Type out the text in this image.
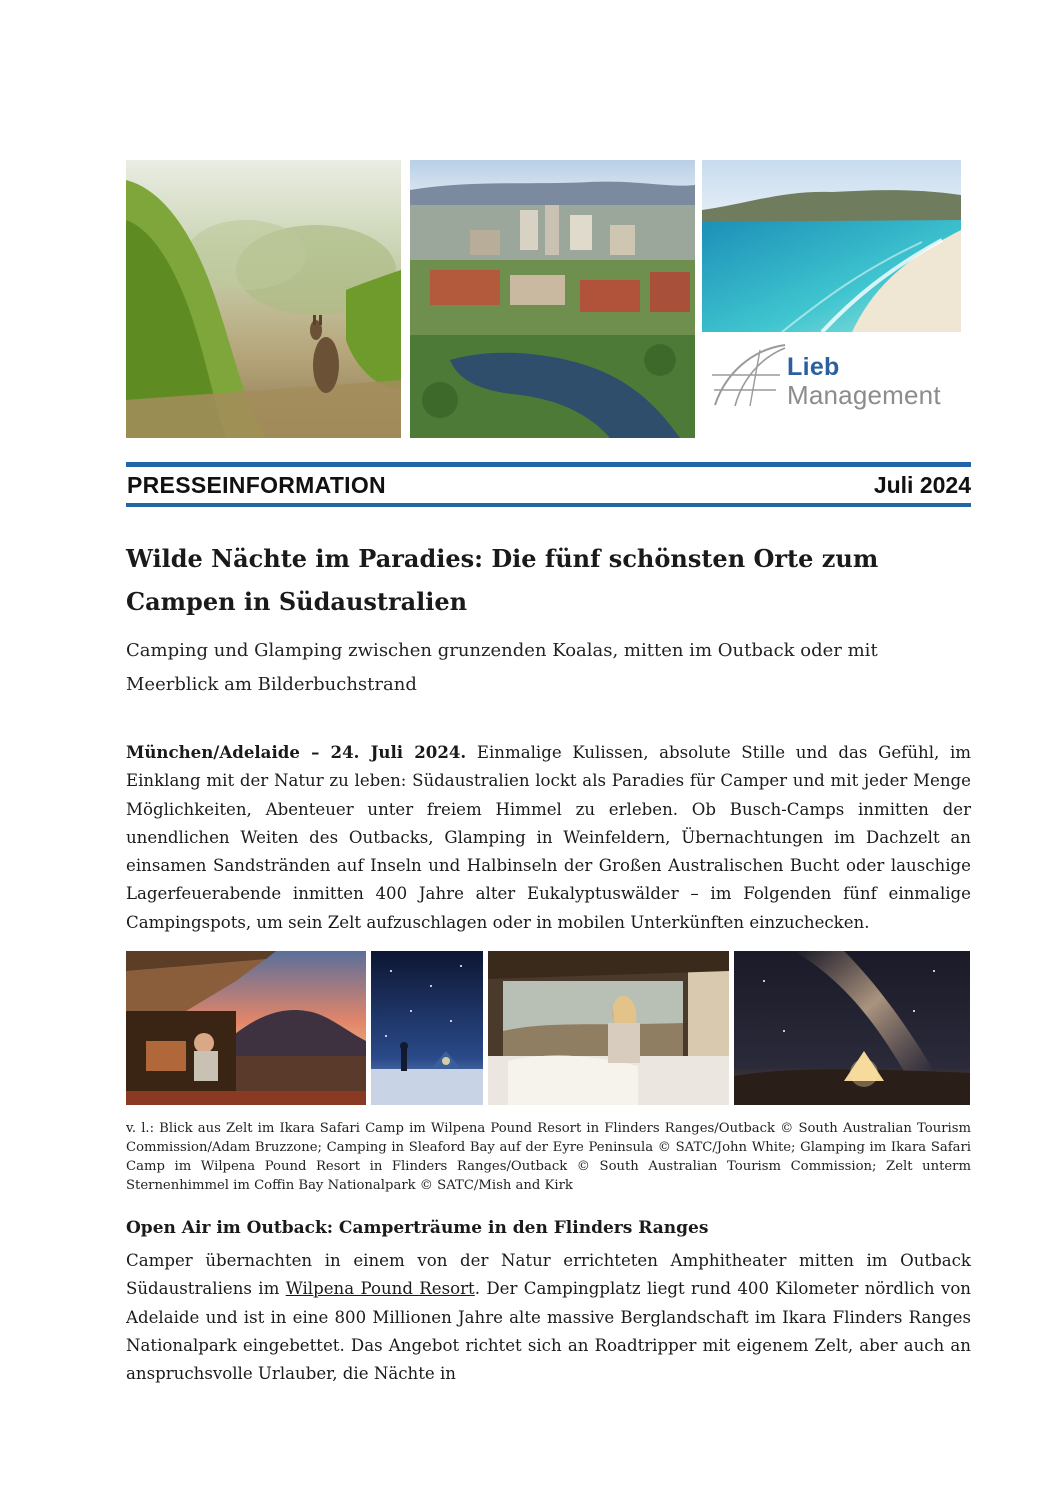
Lieb
Management
PRESSEINFORMATION	Juli 2024
Wilde Nächte im Paradies: Die fünf schönsten Orte zum Campen in Südaustralien

Camping und Glamping zwischen grunzenden Koalas, mitten im Outback oder mit Meerblick am Bilderbuchstrand

München/Adelaide – 24. Juli 2024. Einmalige Kulissen, absolute Stille und das Gefühl, im Einklang mit der Natur zu leben: Südaustralien lockt als Paradies für Camper und mit jeder Menge Möglichkeiten, Abenteuer unter freiem Himmel zu erleben. Ob Busch-Camps inmitten der unendlichen Weiten des Outbacks, Glamping in Weinfeldern, Übernachtungen im Dachzelt an einsamen Sandstränden auf Inseln und Halbinseln der Großen Australischen Bucht oder lauschige Lagerfeuerabende inmitten 400 Jahre alter Eukalyptuswälder – im Folgenden fünf einmalige Campingspots, um sein Zelt aufzuschlagen oder in mobilen Unterkünften einzuchecken.

v. l.: Blick aus Zelt im Ikara Safari Camp im Wilpena Pound Resort in Flinders Ranges/Outback © South Australian Tourism Commission/Adam Bruzzone; Camping in Sleaford Bay auf der Eyre Peninsula © SATC/John White; Glamping im Ikara Safari Camp im Wilpena Pound Resort in Flinders Ranges/Outback © South Australian Tourism Commission; Zelt unterm Sternenhimmel im Coffin Bay Nationalpark © SATC/Mish and Kirk

Open Air im Outback: Camperträume in den Flinders Ranges

Camper übernachten in einem von der Natur errichteten Amphitheater mitten im Outback Südaustraliens im Wilpena Pound Resort. Der Campingplatz liegt rund 400 Kilometer nördlich von Adelaide und ist in eine 800 Millionen Jahre alte massive Berglandschaft im Ikara Flinders Ranges Nationalpark eingebettet. Das Angebot richtet sich an Roadtripper mit eigenem Zelt, aber auch an anspruchsvolle Urlauber, die Nächte in
